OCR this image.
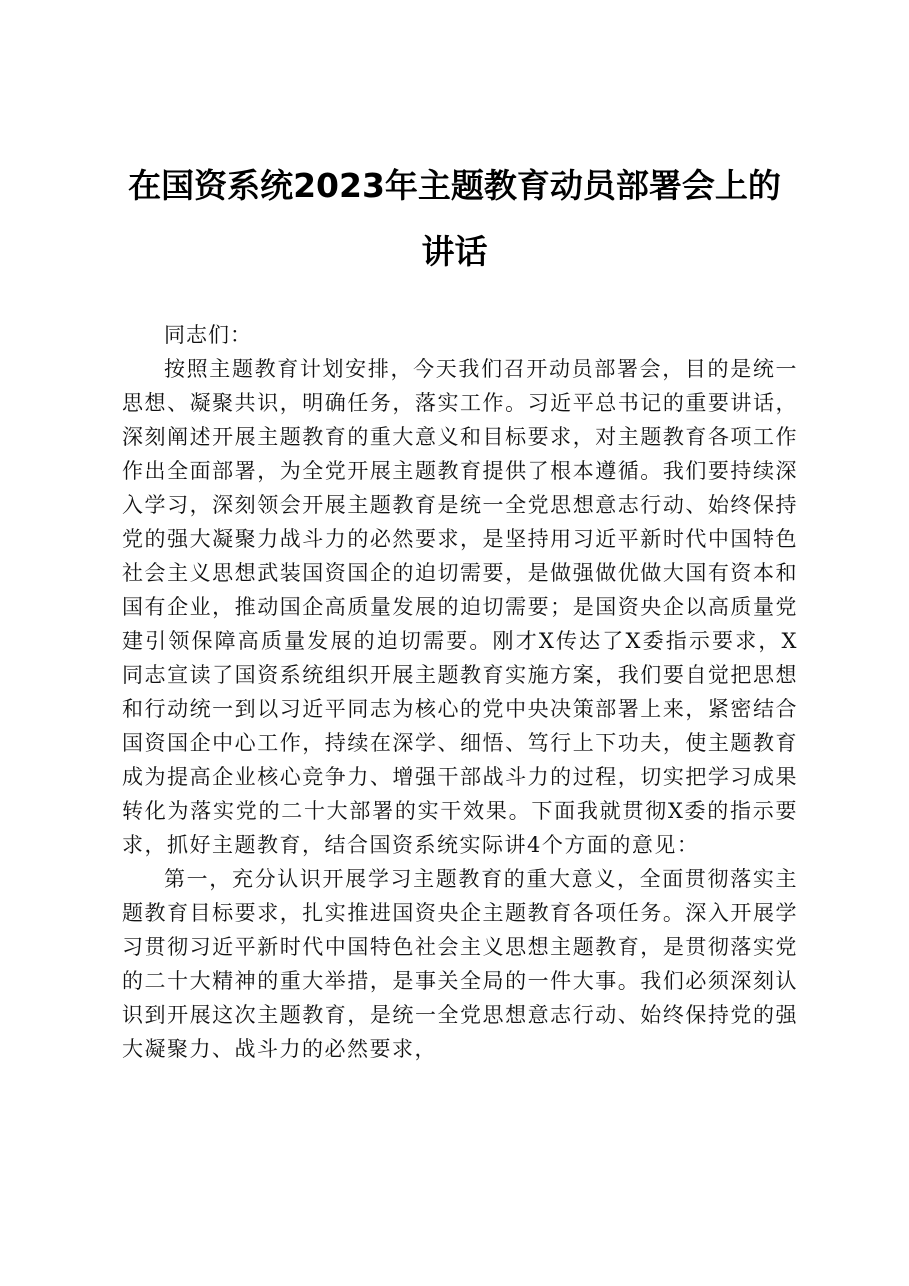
在国资系统2023年主题教育动员部署会上的
讲话

同志们：

按照主题教育计划安排，今天我们召开动员部署会，目的是统一思想、凝聚共识，明确任务，落实工作。习近平总书记的重要讲话，深刻阐述开展主题教育的重大意义和目标要求，对主题教育各项工作作出全面部署，为全党开展主题教育提供了根本遵循。我们要持续深入学习，深刻领会开展主题教育是统一全党思想意志行动、始终保持党的强大凝聚力战斗力的必然要求，是坚持用习近平新时代中国特色社会主义思想武装国资国企的迫切需要，是做强做优做大国有资本和国有企业，推动国企高质量发展的迫切需要；是国资央企以高质量党建引领保障高质量发展的迫切需要。刚才X传达了X委指示要求，X同志宣读了国资系统组织开展主题教育实施方案，我们要自觉把思想和行动统一到以习近平同志为核心的党中央决策部署上来，紧密结合国资国企中心工作，持续在深学、细悟、笃行上下功夫，使主题教育成为提高企业核心竞争力、增强干部战斗力的过程，切实把学习成果转化为落实党的二十大部署的实干效果。下面我就贯彻X委的指示要求，抓好主题教育，结合国资系统实际讲4个方面的意见：

第一，充分认识开展学习主题教育的重大意义，全面贯彻落实主题教育目标要求，扎实推进国资央企主题教育各项任务。深入开展学习贯彻习近平新时代中国特色社会主义思想主题教育，是贯彻落实党的二十大精神的重大举措，是事关全局的一件大事。我们必须深刻认识到开展这次主题教育，是统一全党思想意志行动、始终保持党的强大凝聚力、战斗力的必然要求，
